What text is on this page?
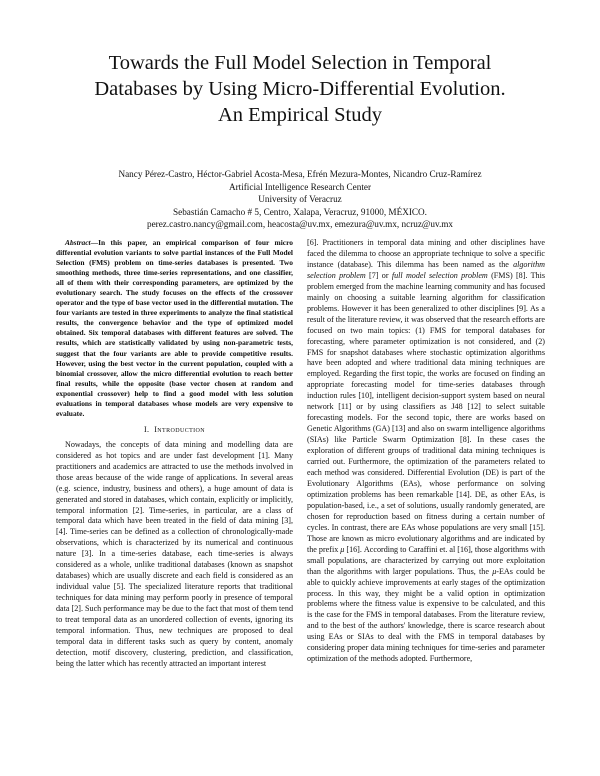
Towards the Full Model Selection in Temporal
Databases by Using Micro-Differential Evolution.
An Empirical Study
Nancy Pérez-Castro, Héctor-Gabriel Acosta-Mesa, Efrén Mezura-Montes, Nicandro Cruz-Ramírez
Artificial Intelligence Research Center
University of Veracruz
Sebastián Camacho # 5, Centro, Xalapa, Veracruz, 91000, MÉXICO.
perez.castro.nancy@gmail.com, heacosta@uv.mx, emezura@uv.mx, ncruz@uv.mx

Abstract—In this paper, an empirical comparison of four micro differential evolution variants to solve partial instances of the Full Model Selection (FMS) problem on time-series databases is presented. Two smoothing methods, three time-series representations, and one classifier, all of them with their corresponding parameters, are optimized by the evolutionary search. The study focuses on the effects of the crossover operator and the type of base vector used in the differential mutation. The four variants are tested in three experiments to analyze the final statistical results, the convergence behavior and the type of optimized model obtained. Six temporal databases with different features are solved. The results, which are statistically validated by using non-parametric tests, suggest that the four variants are able to provide competitive results. However, using the best vector in the current population, coupled with a binomial crossover, allow the micro differential evolution to reach better final results, while the opposite (base vector chosen at random and exponential crossover) help to find a good model with less solution evaluations in temporal databases whose models are very expensive to evaluate.

I. Introduction

Nowadays, the concepts of data mining and modelling data are considered as hot topics and are under fast development [1]. Many practitioners and academics are attracted to use the methods involved in those areas because of the wide range of applications. In several areas (e.g. science, industry, business and others), a huge amount of data is generated and stored in databases, which contain, explicitly or implicitly, temporal information [2]. Time-series, in particular, are a class of temporal data which have been treated in the field of data mining [3], [4]. Time-series can be defined as a collection of chronologically-made observations, which is characterized by its numerical and continuous nature [3]. In a time-series database, each time-series is always considered as a whole, unlike traditional databases (known as snapshot databases) which are usually discrete and each field is considered as an individual value [5]. The specialized literature reports that traditional techniques for data mining may perform poorly in presence of temporal data [2]. Such performance may be due to the fact that most of them tend to treat temporal data as an unordered collection of events, ignoring its temporal information. Thus, new techniques are proposed to deal temporal data in different tasks such as query by content, anomaly detection, motif discovery, clustering, prediction, and classification, being the latter which has recently attracted an important interest

[6]. Practitioners in temporal data mining and other disciplines have faced the dilemma to choose an appropriate technique to solve a specific instance (database). This dilemma has been named as the algorithm selection problem [7] or full model selection problem (FMS) [8]. This problem emerged from the machine learning community and has focused mainly on choosing a suitable learning algorithm for classification problems. However it has been generalized to other disciplines [9]. As a result of the literature review, it was observed that the research efforts are focused on two main topics: (1) FMS for temporal databases for forecasting, where parameter optimization is not considered, and (2) FMS for snapshot databases where stochastic optimization algorithms have been adopted and where traditional data mining techniques are employed. Regarding the first topic, the works are focused on finding an appropriate forecasting model for time-series databases through induction rules [10], intelligent decision-support system based on neural network [11] or by using classifiers as J48 [12] to select suitable forecasting models. For the second topic, there are works based on Genetic Algorithms (GA) [13] and also on swarm intelligence algorithms (SIAs) like Particle Swarm Optimization [8]. In these cases the exploration of different groups of traditional data mining techniques is carried out. Furthermore, the optimization of the parameters related to each method was considered. Differential Evolution (DE) is part of the Evolutionary Algorithms (EAs), whose performance on solving optimization problems has been remarkable [14]. DE, as other EAs, is population-based, i.e., a set of solutions, usually randomly generated, are chosen for reproduction based on fitness during a certain number of cycles. In contrast, there are EAs whose populations are very small [15]. Those are known as micro evolutionary algorithms and are indicated by the prefix μ [16]. According to Caraffini et. al [16], those algorithms with small populations, are characterized by carrying out more exploitation than the algorithms with larger populations. Thus, the μ-EAs could be able to quickly achieve improvements at early stages of the optimization process. In this way, they might be a valid option in optimization problems where the fitness value is expensive to be calculated, and this is the case for the FMS in temporal databases. From the literature review, and to the best of the authors' knowledge, there is scarce research about using EAs or SIAs to deal with the FMS in temporal databases by considering proper data mining techniques for time-series and parameter optimization of the methods adopted. Furthermore,
